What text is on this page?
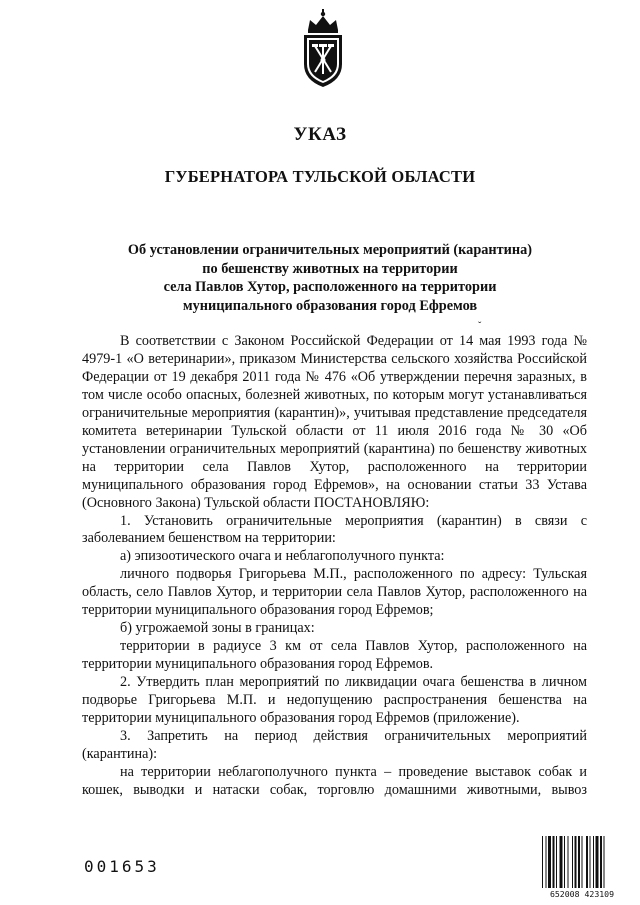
УКАЗ
ГУБЕРНАТОРА ТУЛЬСКОЙ ОБЛАСТИ
Об установлении ограничительных мероприятий (карантина)
по бешенству животных на территории
села Павлов Хутор, расположенного на территории
муниципального образования город Ефремов
ˇ

В соответствии с Законом Российской Федерации от 14 мая 1993 года № 4979-1 «О ветеринарии», приказом Министерства сельского хозяйства Российской Федерации от 19 декабря 2011 года № 476 «Об утверждении перечня заразных, в том числе особо опасных, болезней животных, по которым могут устанавливаться ограничительные мероприятия (карантин)», учитывая представление председателя комитета ветеринарии Тульской области от 11 июля 2016 года № 30 «Об установлении ограничительных мероприятий (карантина) по бешенству животных на территории села Павлов Хутор, расположенного на территории муниципального образования город Ефремов», на основании статьи 33 Устава (Основного Закона) Тульской области ПОСТАНОВЛЯЮ:

1. Установить ограничительные мероприятия (карантин) в связи с заболеванием бешенством на территории:

а) эпизоотического очага и неблагополучного пункта:

личного подворья Григорьева М.П., расположенного по адресу: Тульская область, село Павлов Хутор, и территории села Павлов Хутор, расположенного на территории муниципального образования город Ефремов;

б) угрожаемой зоны в границах:

территории в радиусе 3 км от села Павлов Хутор, расположенного на территории муниципального образования город Ефремов.

2. Утвердить план мероприятий по ликвидации очага бешенства в личном подворье Григорьева М.П. и недопущению распространения бешенства на территории муниципального образования город Ефремов (приложение).

3. Запретить на период действия ограничительных мероприятий (карантина):

на территории неблагополучного пункта – проведение выставок собак и кошек, выводки и натаски собак, торговлю домашними животными, вывоз

001653
652008 423109
